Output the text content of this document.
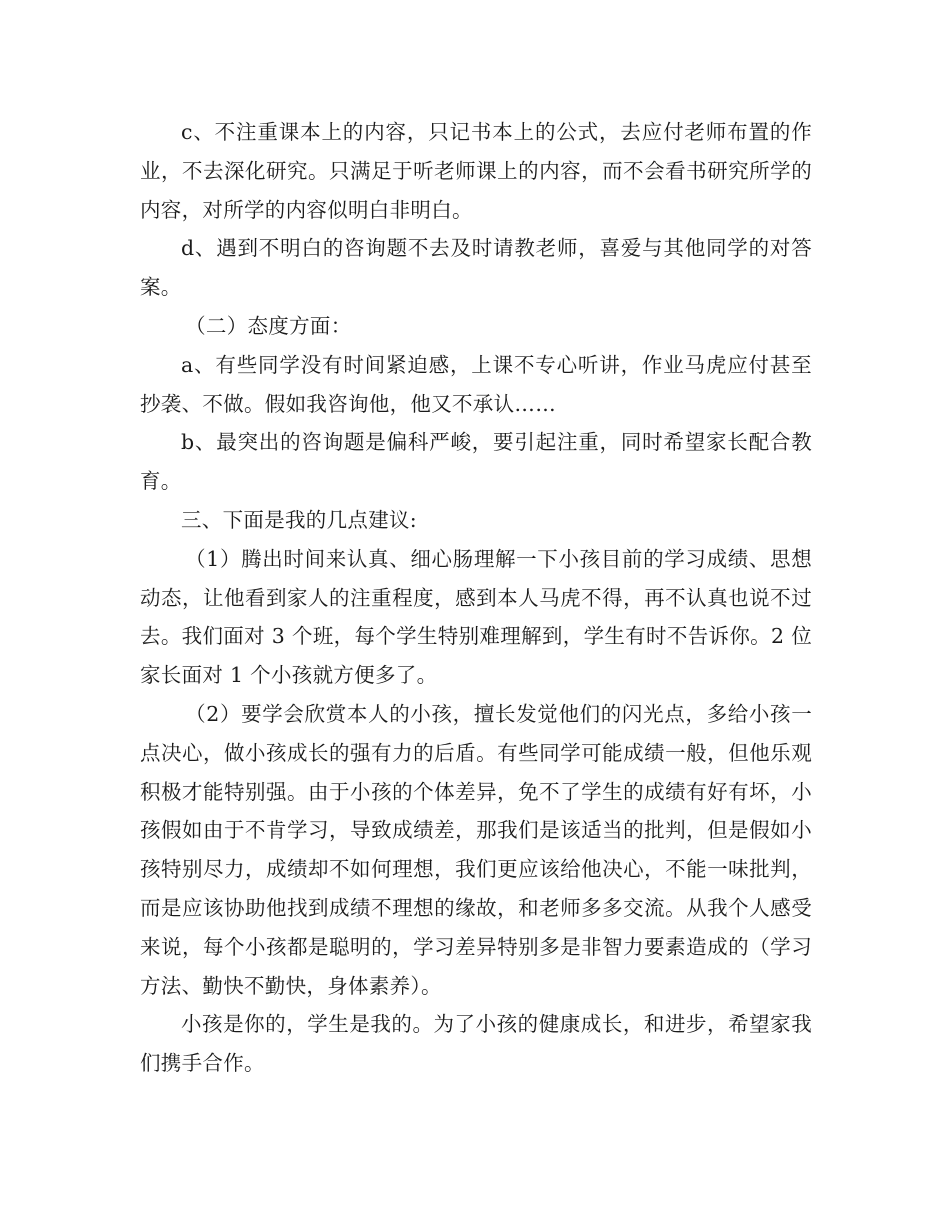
c、不注重课本上的内容，只记书本上的公式，去应付老师布置的作业，不去深化研究。只满足于听老师课上的内容，而不会看书研究所学的内容，对所学的内容似明白非明白。

d、遇到不明白的咨询题不去及时请教老师，喜爱与其他同学的对答案。

（二）态度方面：

a、有些同学没有时间紧迫感，上课不专心听讲，作业马虎应付甚至抄袭、不做。假如我咨询他，他又不承认……

b、最突出的咨询题是偏科严峻，要引起注重，同时希望家长配合教育。

三、下面是我的几点建议:

（1）腾出时间来认真、细心肠理解一下小孩目前的学习成绩、思想动态，让他看到家人的注重程度，感到本人马虎不得，再不认真也说不过去。我们面对 3 个班，每个学生特别难理解到，学生有时不告诉你。2 位家长面对 1 个小孩就方便多了。

（2）要学会欣赏本人的小孩，擅长发觉他们的闪光点，多给小孩一点决心，做小孩成长的强有力的后盾。有些同学可能成绩一般，但他乐观积极才能特别强。由于小孩的个体差异，免不了学生的成绩有好有坏，小孩假如由于不肯学习，导致成绩差，那我们是该适当的批判，但是假如小孩特别尽力，成绩却不如何理想，我们更应该给他决心，不能一味批判，而是应该协助他找到成绩不理想的缘故，和老师多多交流。从我个人感受来说，每个小孩都是聪明的，学习差异特别多是非智力要素造成的（学习方法、勤快不勤快，身体素养）。

小孩是你的，学生是我的。为了小孩的健康成长，和进步，希望家我们携手合作。
